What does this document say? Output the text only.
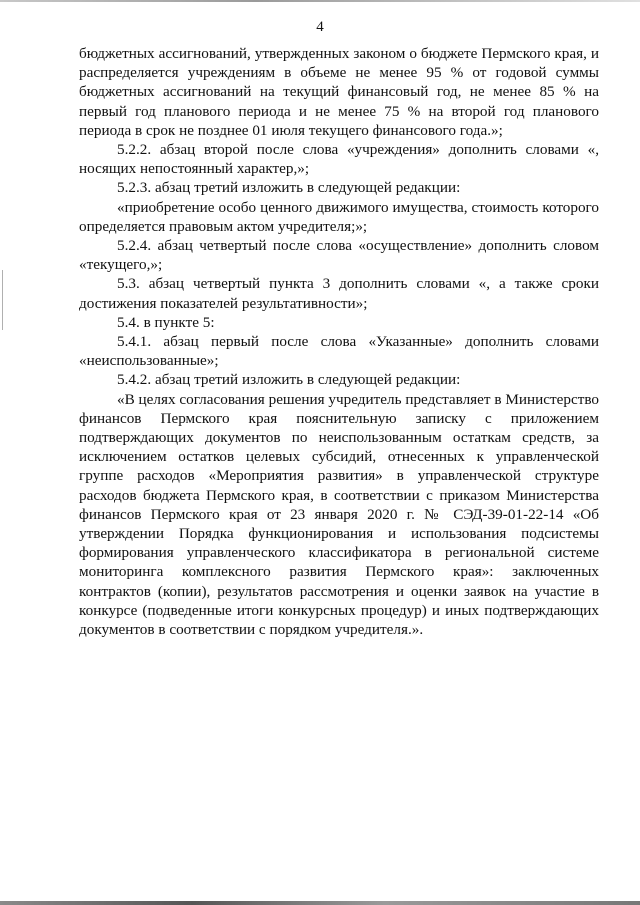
4

бюджетных ассигнований, утвержденных законом о бюджете Пермского края, и распределяется учреждениям в объеме не менее 95 % от годовой суммы бюджетных ассигнований на текущий финансовый год, не менее 85 % на первый год планового периода и не менее 75 % на второй год планового периода в срок не позднее 01 июля текущего финансового года.»;

5.2.2. абзац второй после слова «учреждения» дополнить словами «, носящих непостоянный характер,»;

5.2.3. абзац третий изложить в следующей редакции:

«приобретение особо ценного движимого имущества, стоимость которого определяется правовым актом учредителя;»;

5.2.4. абзац четвертый после слова «осуществление» дополнить словом «текущего,»;

5.3. абзац четвертый пункта 3 дополнить словами «, а также сроки достижения показателей результативности»;

5.4. в пункте 5:

5.4.1. абзац первый после слова «Указанные» дополнить словами «неиспользованные»;

5.4.2. абзац третий изложить в следующей редакции:

«В целях согласования решения учредитель представляет в Министерство финансов Пермского края пояснительную записку с приложением подтверждающих документов по неиспользованным остаткам средств, за исключением остатков целевых субсидий, отнесенных к управленческой группе расходов «Мероприятия развития» в управленческой структуре расходов бюджета Пермского края, в соответствии с приказом Министерства финансов Пермского края от 23 января 2020 г. № СЭД-39-01-22-14 «Об утверждении Порядка функционирования и использования подсистемы формирования управленческого классификатора в региональной системе мониторинга комплексного развития Пермского края»: заключенных контрактов (копии), результатов рассмотрения и оценки заявок на участие в конкурсе (подведенные итоги конкурсных процедур) и иных подтверждающих документов в соответствии с порядком учредителя.».
